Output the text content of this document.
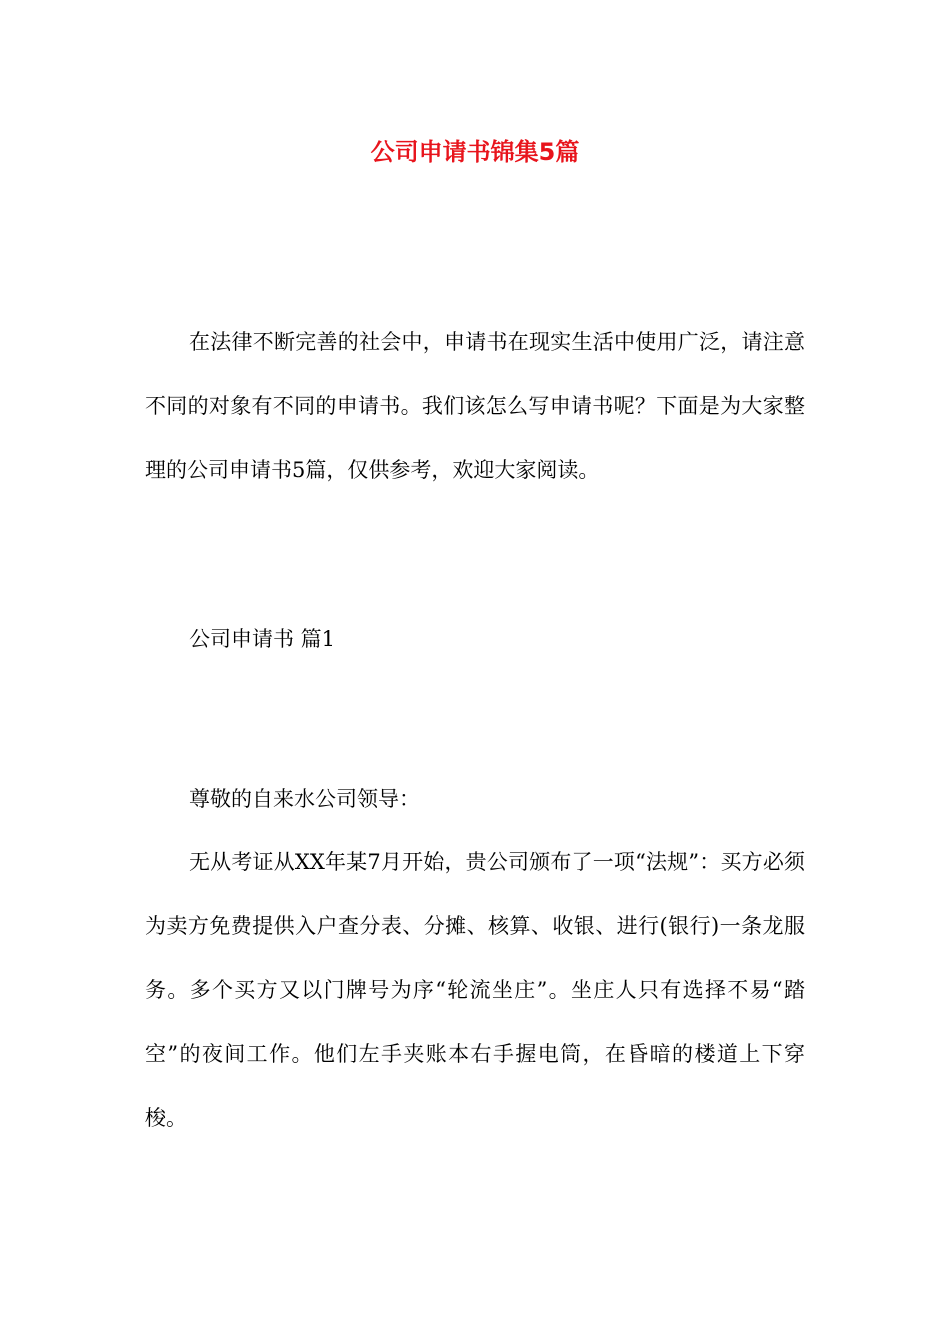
公司申请书锦集5篇

在法律不断完善的社会中，申请书在现实生活中使用广泛，请注意不同的对象有不同的申请书。我们该怎么写申请书呢？下面是为大家整理的公司申请书5篇，仅供参考，欢迎大家阅读。

公司申请书 篇1

尊敬的自来水公司领导：

无从考证从XX年某7月开始，贵公司颁布了一项“法规”：买方必须为卖方免费提供入户查分表、分摊、核算、收银、进行(银行)一条龙服务。多个买方又以门牌号为序“轮流坐庄”。坐庄人只有选择不易“踏空”的夜间工作。他们左手夹账本右手握电筒，在昏暗的楼道上下穿梭。
